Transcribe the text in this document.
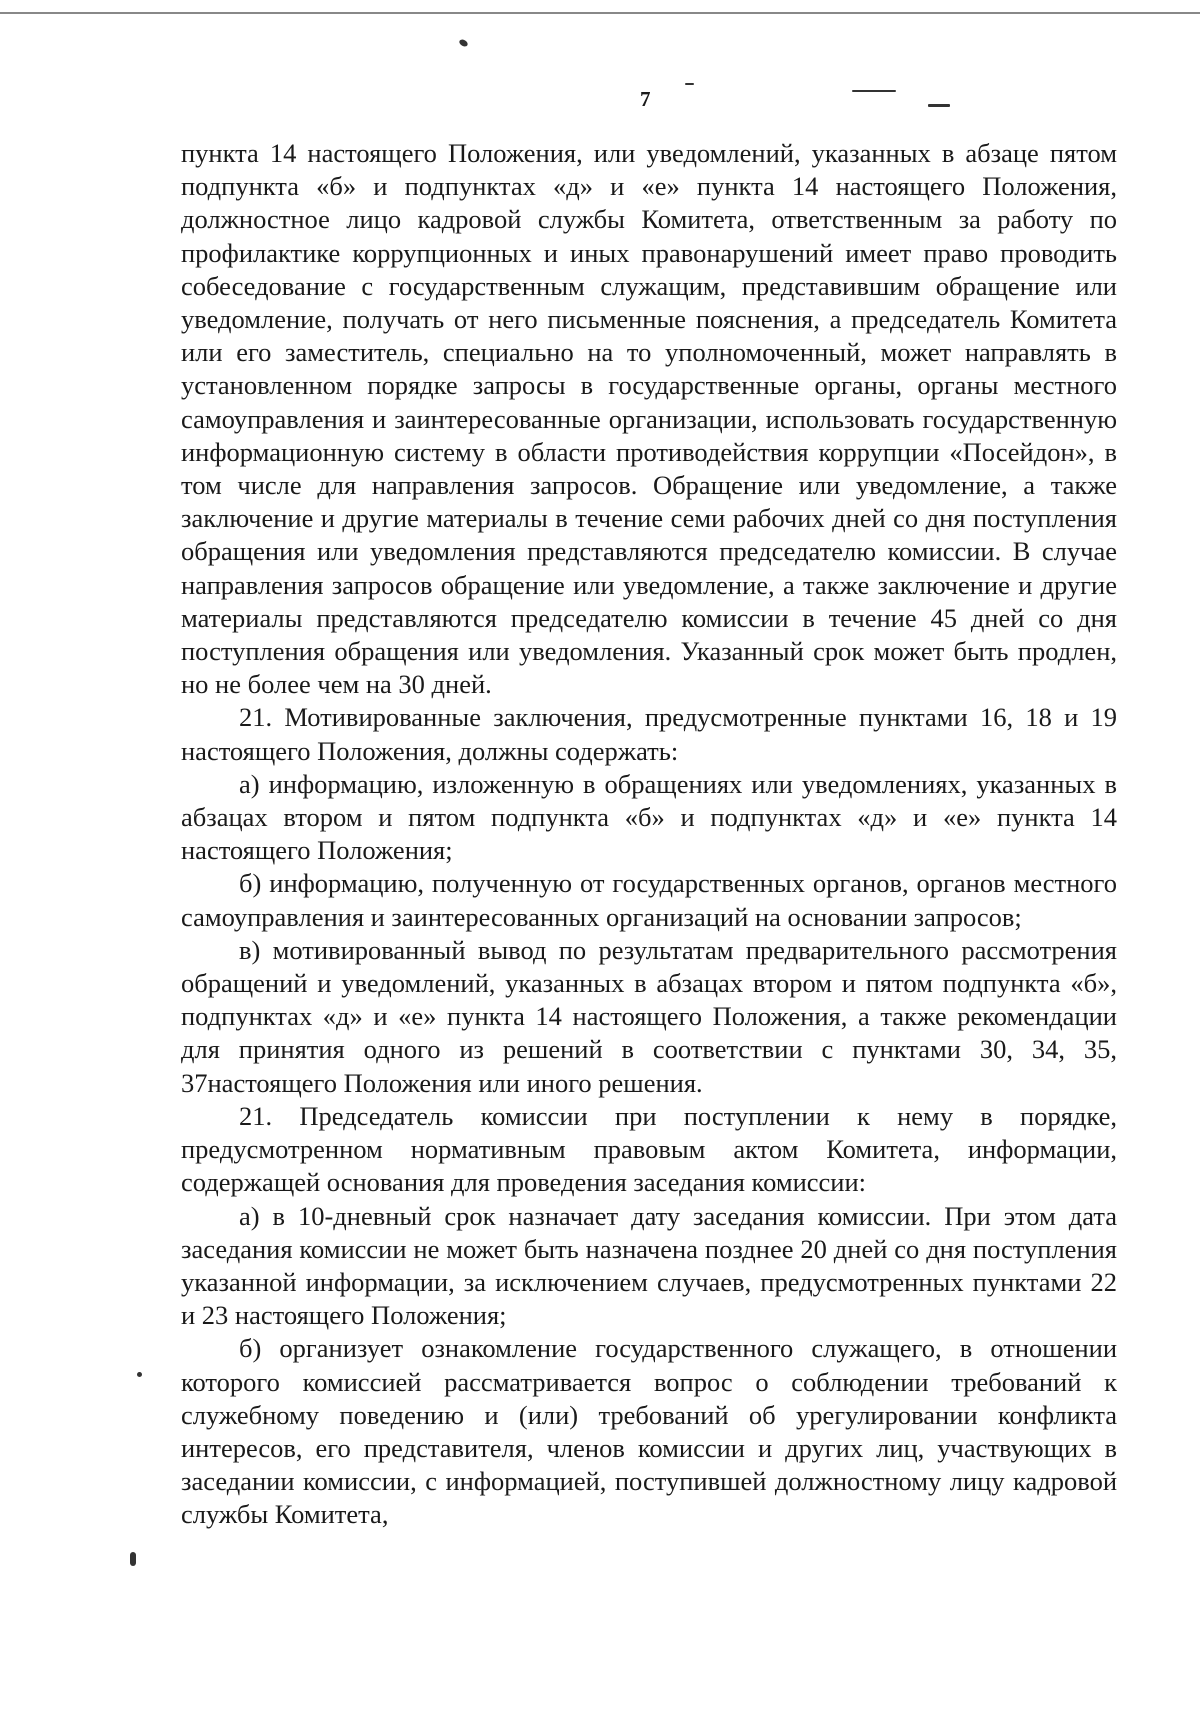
7

пункта 14 настоящего Положения, или уведомлений, указанных в абзаце пятом подпункта «б» и подпунктах «д» и «е» пункта 14 настоящего Положения, должностное лицо кадровой службы Комитета, ответственным за работу по профилактике коррупционных и иных правонарушений имеет право проводить собеседование с государственным служащим, представившим обращение или уведомление, получать от него письменные пояснения, а председатель Комитета или его заместитель, специально на то уполномоченный, может направлять в установленном порядке запросы в государственные органы, органы местного самоуправления и заинтересованные организации, использовать государственную информационную систему в области противодействия коррупции «Посейдон», в том числе для направления запросов. Обращение или уведомление, а также заключение и другие материалы в течение семи рабочих дней со дня поступления обращения или уведомления представляются председателю комиссии. В случае направления запросов обращение или уведомление, а также заключение и другие материалы представляются председателю комиссии в течение 45 дней со дня поступления обращения или уведомления. Указанный срок может быть продлен, но не более чем на 30 дней.

21. Мотивированные заключения, предусмотренные пунктами 16, 18 и 19 настоящего Положения, должны содержать:

а) информацию, изложенную в обращениях или уведомлениях, указанных в абзацах втором и пятом подпункта «б» и подпунктах «д» и «е» пункта 14 настоящего Положения;

б) информацию, полученную от государственных органов, органов местного самоуправления и заинтересованных организаций на основании запросов;

в) мотивированный вывод по результатам предварительного рассмотрения обращений и уведомлений, указанных в абзацах втором и пятом подпункта «б», подпунктах «д» и «е» пункта 14 настоящего Положения, а также рекомендации для принятия одного из решений в соответствии с пунктами 30, 34, 35, 37настоящего Положения или иного решения.

21. Председатель комиссии при поступлении к нему в порядке, предусмотренном нормативным правовым актом Комитета, информации, содержащей основания для проведения заседания комиссии:

а) в 10-дневный срок назначает дату заседания комиссии. При этом дата заседания комиссии не может быть назначена позднее 20 дней со дня поступления указанной информации, за исключением случаев, предусмотренных пунктами 22 и 23 настоящего Положения;

б) организует ознакомление государственного служащего, в отношении которого комиссией рассматривается вопрос о соблюдении требований к служебному поведению и (или) требований об урегулировании конфликта интересов, его представителя, членов комиссии и других лиц, участвующих в заседании комиссии, с информацией, поступившей должностному лицу кадровой службы Комитета,
